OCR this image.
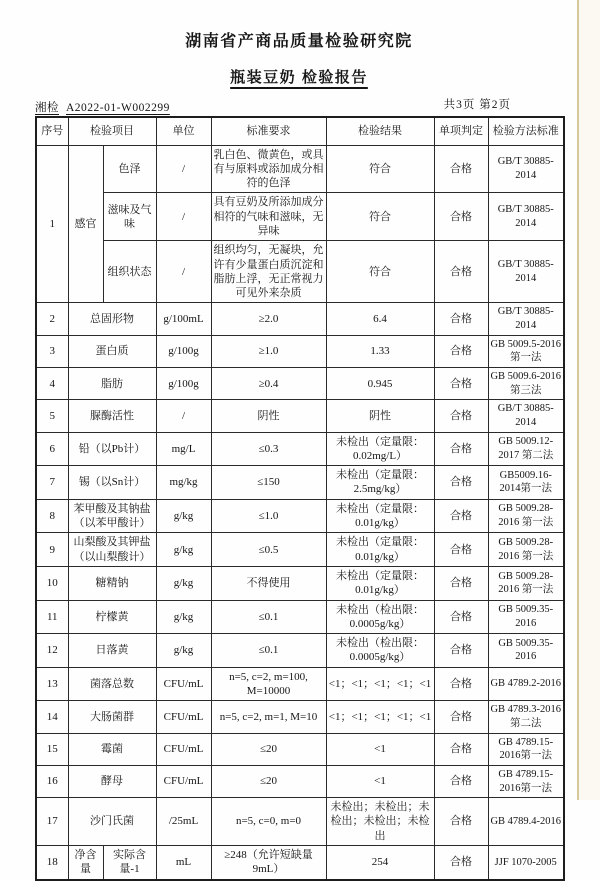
湖南省产商品质量检验研究院
瓶装豆奶 检验报告
湘检 A2022-01-W002299	共3页 第2页
序号	检验项目		单位	标准要求	检验结果	单项判定	检验方法标准
1	感官	色泽	/	乳白色、微黄色，或具有与原料或添加成分相符的色泽	符合	合格	GB/T 30885-2014
		滋味及气味	/	具有豆奶及所添加成分相符的气味和滋味，无异味	符合	合格	GB/T 30885-2014
		组织状态	/	组织均匀，无凝块，允许有少量蛋白质沉淀和脂肪上浮，无正常视力可见外来杂质	符合	合格	GB/T 30885-2014
2	总固形物		g/100mL	≥2.0	6.4	合格	GB/T 30885-2014
3	蛋白质		g/100g	≥1.0	1.33	合格	GB 5009.5-2016第一法
4	脂肪		g/100g	≥0.4	0.945	合格	GB 5009.6-2016第三法
5	脲酶活性		/	阴性	阴性	合格	GB/T 30885-2014
6	铅（以Pb计）		mg/L	≤0.3	未检出（定量限：0.02mg/L）	合格	GB 5009.12-2017 第二法
7	锡（以Sn计）		mg/kg	≤150	未检出（定量限：2.5mg/kg）	合格	GB5009.16-2014第一法
8	苯甲酸及其钠盐（以苯甲酸计）		g/kg	≤1.0	未检出（定量限：0.01g/kg）	合格	GB 5009.28-2016 第一法
9	山梨酸及其钾盐（以山梨酸计）		g/kg	≤0.5	未检出（定量限：0.01g/kg）	合格	GB 5009.28-2016 第一法
10	糖精钠		g/kg	不得使用	未检出（定量限：0.01g/kg）	合格	GB 5009.28-2016 第一法
11	柠檬黄		g/kg	≤0.1	未检出（检出限：0.0005g/kg）	合格	GB 5009.35-2016
12	日落黄		g/kg	≤0.1	未检出（检出限：0.0005g/kg）	合格	GB 5009.35-2016
13	菌落总数		CFU/mL	n=5, c=2, m=100, M=10000	<1；<1；<1；<1；<1	合格	GB 4789.2-2016
14	大肠菌群		CFU/mL	n=5, c=2, m=1, M=10	<1；<1；<1；<1；<1	合格	GB 4789.3-2016第二法
15	霉菌		CFU/mL	≤20	<1	合格	GB 4789.15-2016第一法
16	酵母		CFU/mL	≤20	<1	合格	GB 4789.15-2016第一法
17	沙门氏菌		/25mL	n=5, c=0, m=0	未检出；未检出；未检出；未检出；未检出	合格	GB 4789.4-2016
18	净含量	实际含量-1	mL	≥248（允许短缺量9mL）	254	合格	JJF 1070-2005
